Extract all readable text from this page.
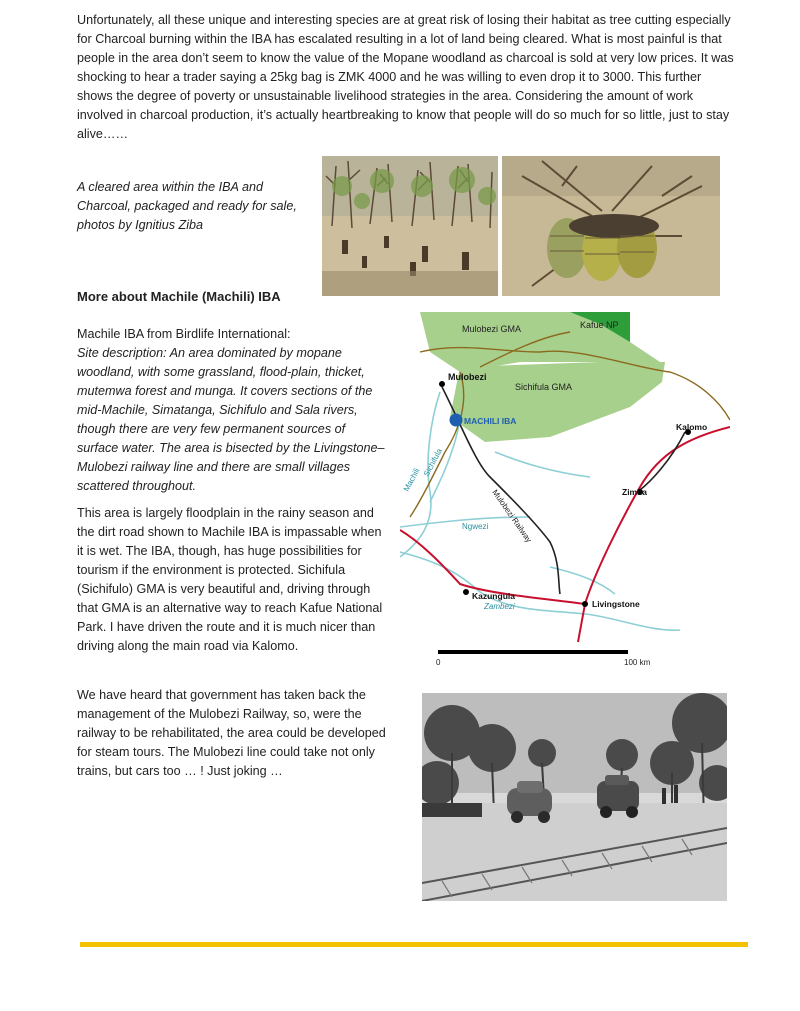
Unfortunately, all these unique and interesting species are at great risk of losing their habitat as tree cutting especially for Charcoal burning within the IBA has escalated resulting in a lot of land being cleared. What is most painful is that people in the area don’t seem to know the value of the Mopane woodland as charcoal is sold at very low prices. It was shocking to hear a trader saying a 25kg bag is ZMK 4000 and he was willing to even drop it to 3000. This further shows the degree of poverty or unsustainable livelihood strategies in the area. Considering the amount of work involved in charcoal production, it’s actually heartbreaking to know that people will do so much for so little, just to stay alive……

A cleared area within the IBA and Charcoal, packaged and ready for sale, photos by Ignitius Ziba

More about Machile (Machili) IBA
Machile IBA from Birdlife International:
Site description: An area dominated by mopane woodland, with some grassland, flood-plain, thicket, mutemwa forest and munga. It covers sections of the mid-Machile, Simatanga, Sichifulo and Sala rivers, though there are very few permanent sources of surface water. The area is bisected by the Livingstone–Mulobezi railway line and there are small villages scattered throughout.

This area is largely floodplain in the rainy season and the dirt road shown to Machile IBA is impassable when it is wet. The IBA, though, has huge possibilities for tourism if the environment is protected. Sichifula (Sichifulo) GMA is very beautiful and, driving through that GMA is an alternative way to reach Kafue National Park. I have driven the route and it is much nicer than driving along the main road via Kalomo.

We have heard that government has taken back the management of the Mulobezi Railway, so, were the railway to be rehabilitated, the area could be developed for steam tours. The Mulobezi line could take not only trains, but cars too … ! Just joking …

Mulobezi GMA	Kafue NP
Mulobezi
Sichifula GMA
MACHILI IBA
Kalomo
Machili
Sichifula
Mulobezi Railway	Zimba
Ngwezi
Kazungula
Zambezi	Livingstone
0	100 km
